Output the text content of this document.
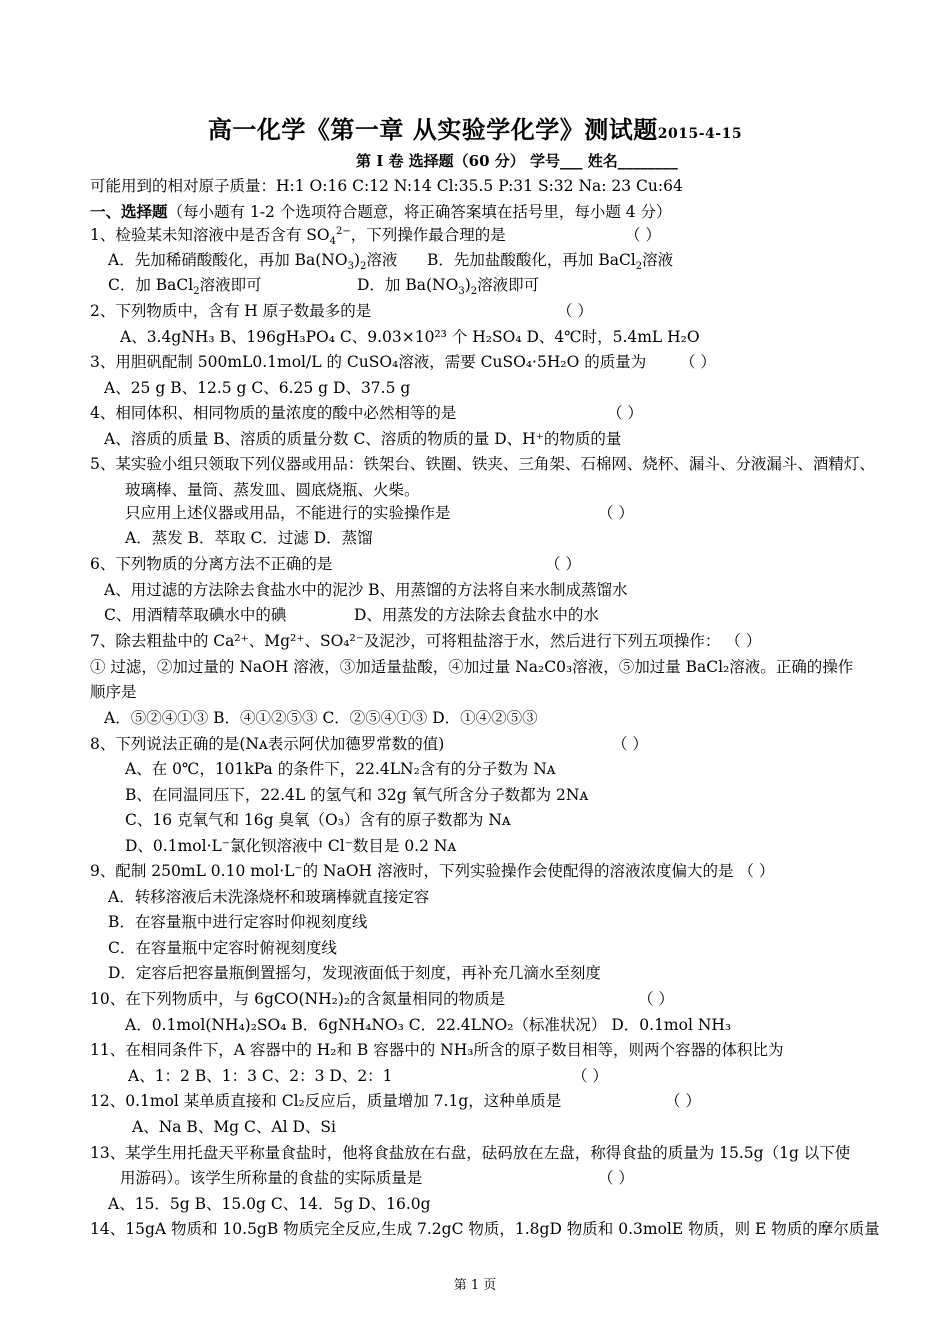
高一化学《第一章 从实验学化学》测试题2015-4-15
第 I 卷 选择题（60 分） 学号___ 姓名________
可能用到的相对原子质量：H:1 O:16 C:12 N:14 Cl:35.5 P:31 S:32 Na: 23 Cu:64
一、选择题（每小题有 1-2 个选项符合题意，将正确答案填在括号里，每小题 4 分）
1、检验某未知溶液中是否含有 $SO_4^{2-}$，下列操作最合理的是	（ ）
A．先加稀硝酸酸化，再加 $Ba(NO_3)_2$溶液 B．先加盐酸酸化，再加 BaCl$_2$溶液
C．加 BaCl$_2$溶液即可	D．加 $Ba(NO_3)_2$溶液即可
2、下列物质中，含有 H 原子数最多的是	（ ）
A、3.4gNH₃ B、196gH₃PO₄ C、9.03×10²³ 个 H₂SO₄ D、4℃时，5.4mL H₂O
3、用胆矾配制 500mL0.1mol/L 的 CuSO₄溶液，需要 CuSO₄·5H₂O 的质量为 （ ）
A、25 g B、12.5 g C、6.25 g D、37.5 g
4、相同体积、相同物质的量浓度的酸中必然相等的是	（ ）
A、溶质的质量 B、溶质的质量分数 C、溶质的物质的量 D、H⁺的物质的量
5、某实验小组只领取下列仪器或用品：铁架台、铁圈、铁夹、三角架、石棉网、烧杯、漏斗、分液漏斗、酒精灯、
玻璃棒、量筒、蒸发皿、圆底烧瓶、火柴。
只应用上述仪器或用品，不能进行的实验操作是	（ ）
A．蒸发 B．萃取 C．过滤 D．蒸馏
6、下列物质的分离方法不正确的是	（ ）
A、用过滤的方法除去食盐水中的泥沙 B、用蒸馏的方法将自来水制成蒸馏水
C、用酒精萃取碘水中的碘	D、用蒸发的方法除去食盐水中的水
7、除去粗盐中的 Ca²⁺、Mg²⁺、SO₄²⁻及泥沙，可将粗盐溶于水，然后进行下列五项操作： （ ）
① 过滤，②加过量的 NaOH 溶液，③加适量盐酸，④加过量 Na₂C0₃溶液，⑤加过量 BaCl₂溶液。正确的操作
顺序是
A．⑤②④①③ B．④①②⑤③ C．②⑤④①③ D．①④②⑤③
8、下列说法正确的是(Nᴀ表示阿伏加德罗常数的值)	（ ）
A、在 0℃，101kPa 的条件下，22.4LN₂含有的分子数为 Nᴀ
B、在同温同压下，22.4L 的氢气和 32g 氧气所含分子数都为 2Nᴀ
C、16 克氧气和 16g 臭氧（O₃）含有的原子数都为 Nᴀ
D、0.1mol·L⁻氯化钡溶液中 Cl⁻数目是 0.2 Nᴀ
9、配制 250mL 0.10 mol·L⁻的 NaOH 溶液时，下列实验操作会使配得的溶液浓度偏大的是 （ ）
A．转移溶液后未洗涤烧杯和玻璃棒就直接定容
B．在容量瓶中进行定容时仰视刻度线
C．在容量瓶中定容时俯视刻度线
D．定容后把容量瓶倒置摇匀，发现液面低于刻度，再补充几滴水至刻度
10、在下列物质中，与 6gCO(NH₂)₂的含氮量相同的物质是	（ ）
A．0.1mol(NH₄)₂SO₄ B．6gNH₄NO₃ C．22.4LNO₂（标准状况） D．0.1mol NH₃
11、在相同条件下，A 容器中的 H₂和 B 容器中的 NH₃所含的原子数目相等，则两个容器的体积比为
A、1：2 B、1：3 C、2：3 D、2：1	（ ）
12、0.1mol 某单质直接和 Cl₂反应后，质量增加 7.1g，这种单质是	（ ）
A、Na B、Mg C、Al D、Si
13、某学生用托盘天平称量食盐时，他将食盐放在右盘，砝码放在左盘，称得食盐的质量为 15.5g（1g 以下使
用游码）。该学生所称量的食盐的实际质量是	（ ）
A、15．5g B、15.0g C、14．5g D、16.0g
14、15gA 物质和 10.5gB 物质完全反应,生成 7.2gC 物质，1.8gD 物质和 0.3molE 物质，则 E 物质的摩尔质量
第 1 页
